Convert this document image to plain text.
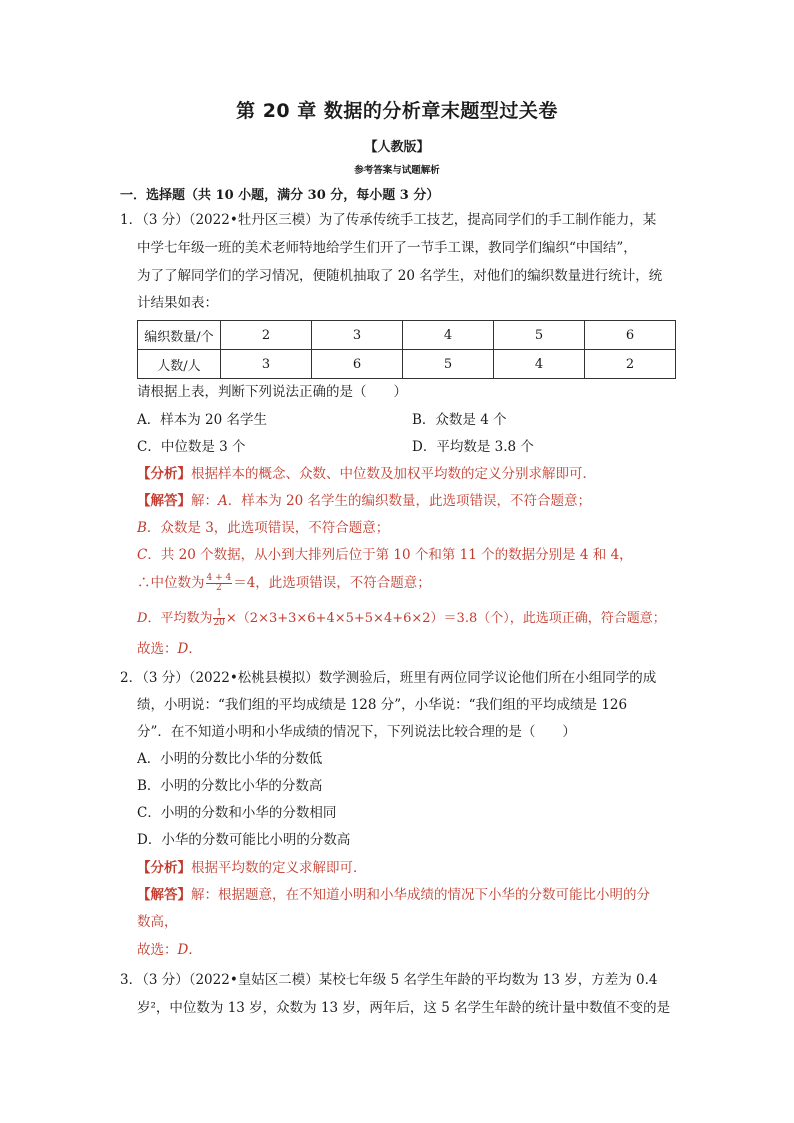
第 20 章 数据的分析章末题型过关卷
【人教版】
参考答案与试题解析
一．选择题（共 10 小题，满分 30 分，每小题 3 分）
1．（3 分）（2022•牡丹区三模）为了传承传统手工技艺，提高同学们的手工制作能力，某
中学七年级一班的美术老师特地给学生们开了一节手工课，教同学们编织“中国结”，
为了了解同学们的学习情况，便随机抽取了 20 名学生，对他们的编织数量进行统计，统
计结果如表：
编织数量/个	2	3	4	5	6
人数/人	3	6	5	4	2
请根据上表，判断下列说法正确的是（　　）
A．样本为 20 名学生	B．众数是 4 个
C．中位数是 3 个	D．平均数是 3.8 个
【分析】根据样本的概念、众数、中位数及加权平均数的定义分别求解即可．
【解答】解：A．样本为 20 名学生的编织数量，此选项错误，不符合题意；
B．众数是 3，此选项错误，不符合题意；
C．共 20 个数据，从小到大排列后位于第 10 个和第 11 个的数据分别是 4 和 4，
∴中位数为 $\frac{4 + 4}{2} =4$，此选项错误，不符合题意；
D．平均数为 $\frac{1}{20} \times(2\times 3+3\times 6+4\times 5+5\times 4+6\times 2)=3.8$（个），此选项正确，符合题意；
故选：D．
2．（3 分）（2022•松桃县模拟）数学测验后，班里有两位同学议论他们所在小组同学的成
绩，小明说：“我们组的平均成绩是 128 分”，小华说：“我们组的平均成绩是 126
分”．在不知道小明和小华成绩的情况下，下列说法比较合理的是（　　）
A．小明的分数比小华的分数低
B．小明的分数比小华的分数高
C．小明的分数和小华的分数相同
D．小华的分数可能比小明的分数高
【分析】根据平均数的定义求解即可．
【解答】解：根据题意，在不知道小明和小华成绩的情况下小华的分数可能比小明的分
数高，
故选：D．
3．（3 分）（2022•皇姑区二模）某校七年级 5 名学生年龄的平均数为 13 岁，方差为 0.4
岁²，中位数为 13 岁，众数为 13 岁，两年后，这 5 名学生年龄的统计量中数值不变的是
